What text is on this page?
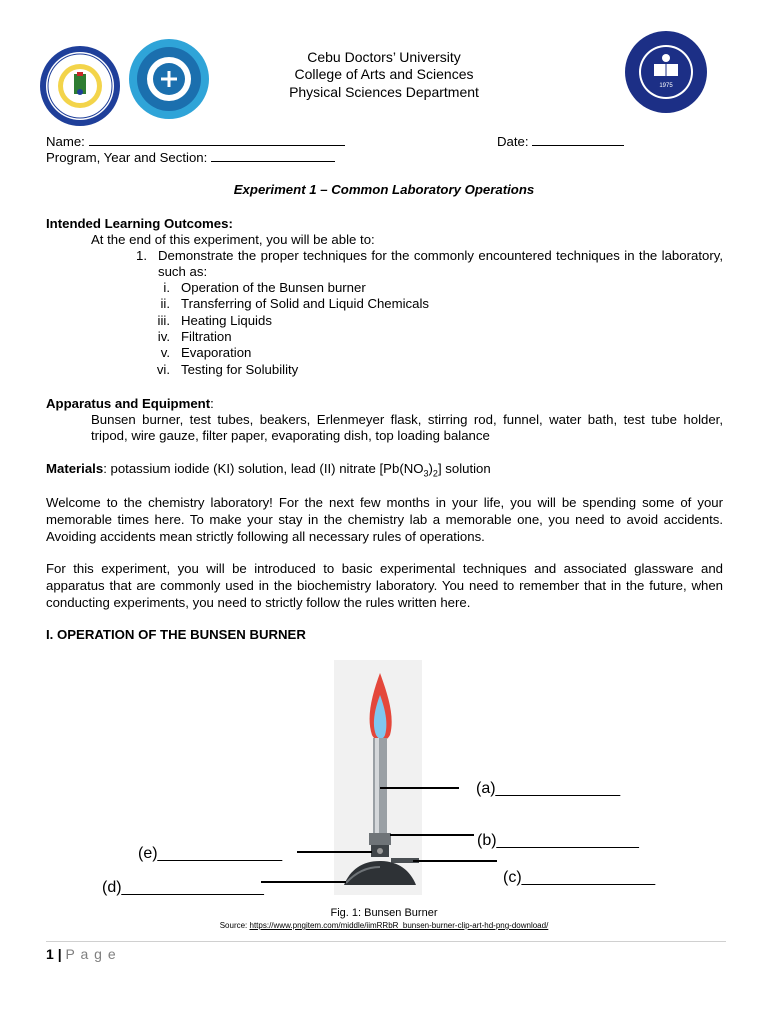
Cebu Doctors’ University
College of Arts and Sciences
Physical Sciences Department	1975
Name:	Date:
Program, Year and Section:
Experiment 1 – Common Laboratory Operations
Intended Learning Outcomes:
At the end of this experiment, you will be able to:
1. Demonstrate the proper techniques for the commonly encountered techniques in the laboratory, such as:
i. Operation of the Bunsen burner
ii. Transferring of Solid and Liquid Chemicals
iii. Heating Liquids
iv. Filtration
v. Evaporation
vi. Testing for Solubility
Apparatus and Equipment:
Bunsen burner, test tubes, beakers, Erlenmeyer flask, stirring rod, funnel, water bath, test tube holder, tripod, wire gauze, filter paper, evaporating dish, top loading balance
Materials: potassium iodide (KI) solution, lead (II) nitrate $[Pb(NO_3)_2]$ solution
Welcome to the chemistry laboratory! For the next few months in your life, you will be spending some of your memorable times here. To make your stay in the chemistry lab a memorable one, you need to avoid accidents. Avoiding accidents mean strictly following all necessary rules of operations.
For this experiment, you will be introduced to basic experimental techniques and associated glassware and apparatus that are commonly used in the biochemistry laboratory. You need to remember that in the future, when conducting experiments, you need to strictly follow the rules written here.
I. OPERATION OF THE BUNSEN BURNER
(a)______________
(b)________________
(c)_______________
(e)______________
(d)________________
Fig. 1: Bunsen Burner
Source: https://www.pngitem.com/middle/iimRRbR_bunsen-burner-clip-art-hd-png-download/
1 | P a g e
